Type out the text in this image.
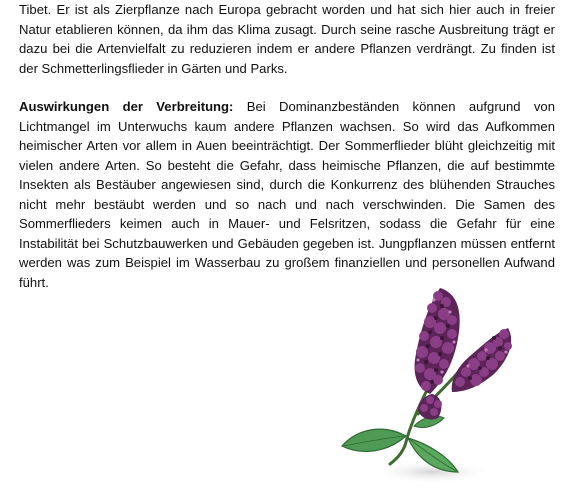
Tibet. Er ist als Zierpflanze nach Europa gebracht worden und hat sich hier auch in freier Natur etablieren können, da ihm das Klima zusagt. Durch seine rasche Ausbreitung trägt er dazu bei die Artenvielfalt zu reduzieren indem er andere Pflanzen verdrängt. Zu finden ist der Schmetterlingsflieder in Gärten und Parks.

Auswirkungen der Verbreitung: Bei Dominanzbeständen können aufgrund von Lichtmangel im Unterwuchs kaum andere Pflanzen wachsen. So wird das Aufkommen heimischer Arten vor allem in Auen beeinträchtigt. Der Sommerflieder blüht gleichzeitig mit vielen andere Arten. So besteht die Gefahr, dass heimische Pflanzen, die auf bestimmte Insekten als Bestäuber angewiesen sind, durch die Konkurrenz des blühenden Strauches nicht mehr bestäubt werden und so nach und nach verschwinden. Die Samen des Sommerflieders keimen auch in Mauer- und Felsritzen, sodass die Gefahr für eine Instabilität bei Schutzbauwerken und Gebäuden gegeben ist. Jungpflanzen müssen entfernt werden was zum Beispiel im Wasserbau zu großem finanziellen und personellen Aufwand führt.
